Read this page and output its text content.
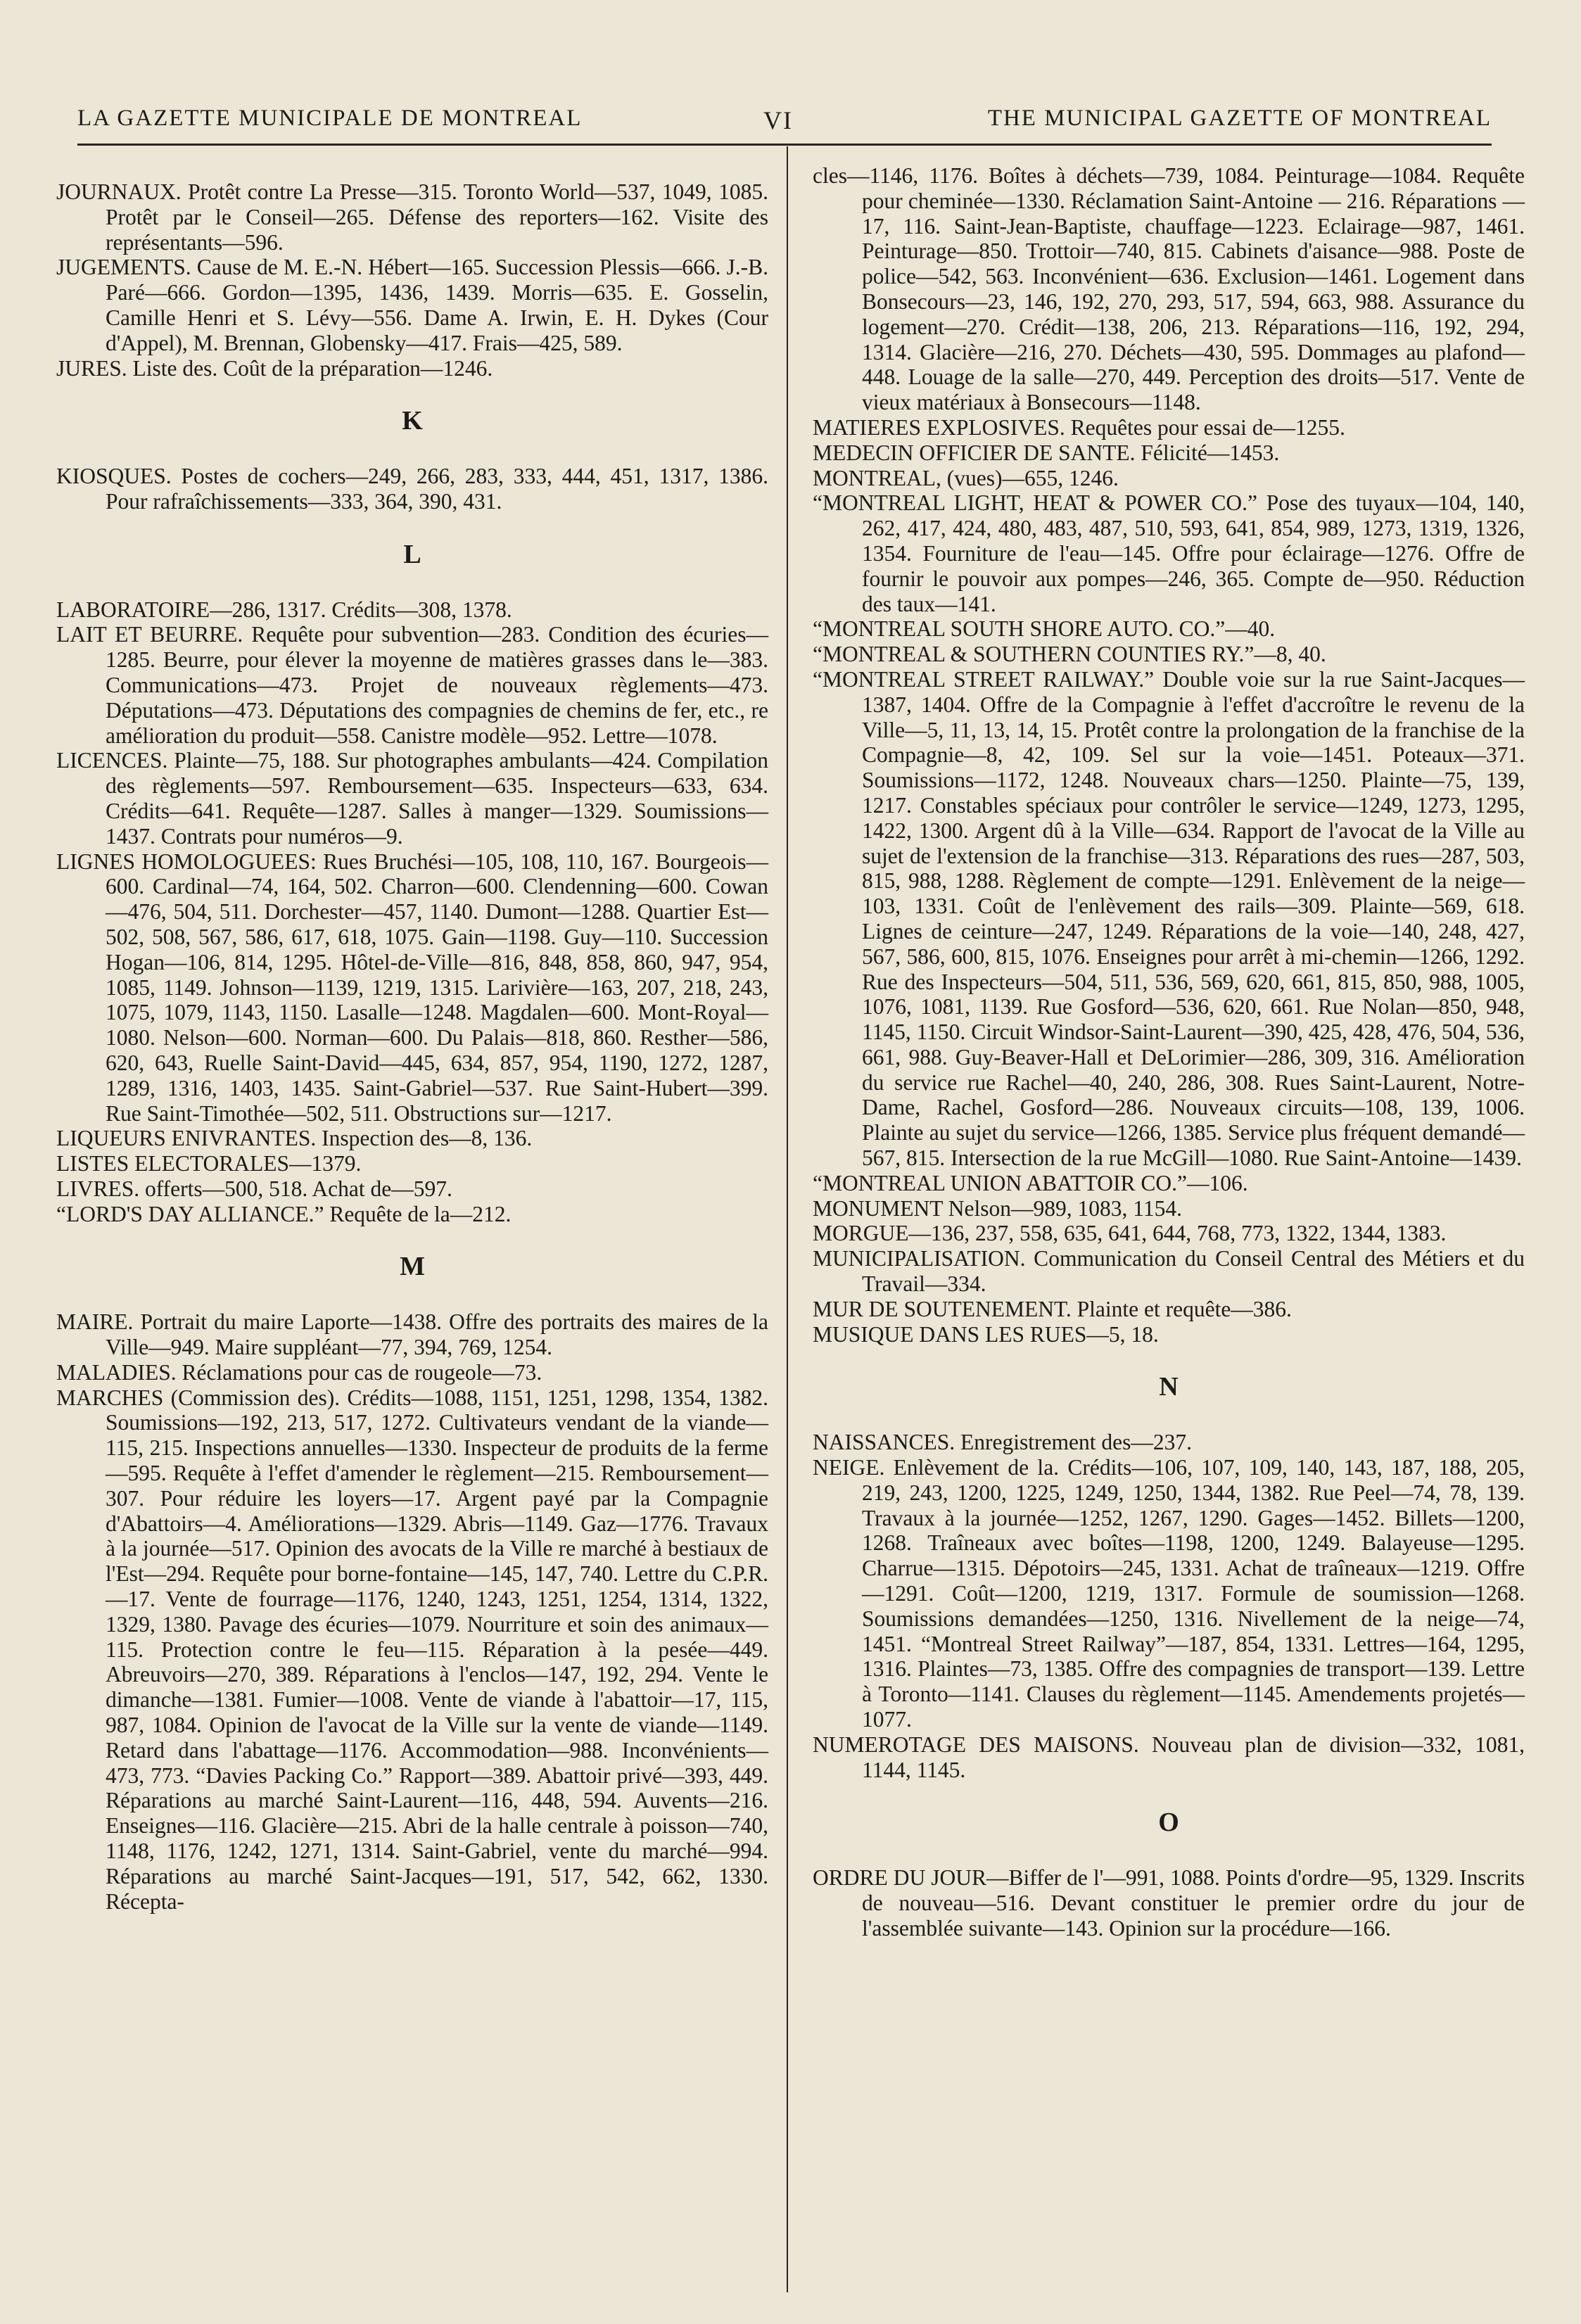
LA GAZETTE MUNICIPALE DE MONTREAL	VI	THE MUNICIPAL GAZETTE OF MONTREAL

JOURNAUX. Protêt contre La Presse—315. Toronto World—537, 1049, 1085. Protêt par le Conseil—265. Défense des reporters—162. Visite des représentants—596.

JUGEMENTS. Cause de M. E.-N. Hébert—165. Succession Plessis—666. J.-B. Paré—666. Gordon—1395, 1436, 1439. Morris—635. E. Gosselin, Camille Henri et S. Lévy—556. Dame A. Irwin, E. H. Dykes (Cour d'Appel), M. Brennan, Globensky—417. Frais—425, 589.

JURES. Liste des. Coût de la préparation—1246.

K

KIOSQUES. Postes de cochers—249, 266, 283, 333, 444, 451, 1317, 1386. Pour rafraîchissements—333, 364, 390, 431.

L

LABORATOIRE—286, 1317. Crédits—308, 1378.

LAIT ET BEURRE. Requête pour subvention—283. Condition des écuries—1285. Beurre, pour élever la moyenne de matières grasses dans le—383. Communications—473. Projet de nouveaux règlements—473. Députations—473. Députations des compagnies de chemins de fer, etc., re amélioration du produit—558. Canistre modèle—952. Lettre—1078.

LICENCES. Plainte—75, 188. Sur photographes ambulants—424. Compilation des règlements—597. Remboursement—635. Inspecteurs—633, 634. Crédits—641. Requête—1287. Salles à manger—1329. Soumissions—1437. Contrats pour numéros—9.

LIGNES HOMOLOGUEES: Rues Bruchési—105, 108, 110, 167. Bourgeois—600. Cardinal—74, 164, 502. Charron—600. Clendenning—600. Cowan—476, 504, 511. Dorchester—457, 1140. Dumont—1288. Quartier Est—502, 508, 567, 586, 617, 618, 1075. Gain—1198. Guy—110. Succession Hogan—106, 814, 1295. Hôtel-de-Ville—816, 848, 858, 860, 947, 954, 1085, 1149. Johnson—1139, 1219, 1315. Larivière—163, 207, 218, 243, 1075, 1079, 1143, 1150. Lasalle—1248. Magdalen—600. Mont-Royal—1080. Nelson—600. Norman—600. Du Palais—818, 860. Resther—586, 620, 643, Ruelle Saint-David—445, 634, 857, 954, 1190, 1272, 1287, 1289, 1316, 1403, 1435. Saint-Gabriel—537. Rue Saint-Hubert—399. Rue Saint-Timothée—502, 511. Obstructions sur—1217.

LIQUEURS ENIVRANTES. Inspection des—8, 136.

LISTES ELECTORALES—1379.

LIVRES. offerts—500, 518. Achat de—597.

“LORD'S DAY ALLIANCE.” Requête de la—212.

M

MAIRE. Portrait du maire Laporte—1438. Offre des portraits des maires de la Ville—949. Maire suppléant—77, 394, 769, 1254.

MALADIES. Réclamations pour cas de rougeole—73.

MARCHES (Commission des). Crédits—1088, 1151, 1251, 1298, 1354, 1382. Soumissions—192, 213, 517, 1272. Cultivateurs vendant de la viande—115, 215. Inspections annuelles—1330. Inspecteur de produits de la ferme—595. Requête à l'effet d'amender le règlement—215. Remboursement—307. Pour réduire les loyers—17. Argent payé par la Compagnie d'Abattoirs—4. Améliorations—1329. Abris—1149. Gaz—1776. Travaux à la journée—517. Opinion des avocats de la Ville re marché à bestiaux de l'Est—294. Requête pour borne-fontaine—145, 147, 740. Lettre du C.P.R.—17. Vente de fourrage—1176, 1240, 1243, 1251, 1254, 1314, 1322, 1329, 1380. Pavage des écuries—1079. Nourriture et soin des animaux—115. Protection contre le feu—115. Réparation à la pesée—449. Abreuvoirs—270, 389. Réparations à l'enclos—147, 192, 294. Vente le dimanche—1381. Fumier—1008. Vente de viande à l'abattoir—17, 115, 987, 1084. Opinion de l'avocat de la Ville sur la vente de viande—1149. Retard dans l'abattage—1176. Accommodation—988. Inconvénients—473, 773. “Davies Packing Co.” Rapport—389. Abattoir privé—393, 449. Réparations au marché Saint-Laurent—116, 448, 594. Auvents—216. Enseignes—116. Glacière—215. Abri de la halle centrale à poisson—740, 1148, 1176, 1242, 1271, 1314. Saint-Gabriel, vente du marché—994. Réparations au marché Saint-Jacques—191, 517, 542, 662, 1330. Récepta-

cles—1146, 1176. Boîtes à déchets—739, 1084. Peinturage—1084. Requête pour cheminée—1330. Réclamation Saint-Antoine — 216. Réparations — 17, 116. Saint-Jean-Baptiste, chauffage—1223. Eclairage—987, 1461. Peinturage—850. Trottoir—740, 815. Cabinets d'aisance—988. Poste de police—542, 563. Inconvénient—636. Exclusion—1461. Logement dans Bonsecours—23, 146, 192, 270, 293, 517, 594, 663, 988. Assurance du logement—270. Crédit—138, 206, 213. Réparations—116, 192, 294, 1314. Glacière—216, 270. Déchets—430, 595. Dommages au plafond—448. Louage de la salle—270, 449. Perception des droits—517. Vente de vieux matériaux à Bonsecours—1148.

MATIERES EXPLOSIVES. Requêtes pour essai de—1255.

MEDECIN OFFICIER DE SANTE. Félicité—1453.

MONTREAL, (vues)—655, 1246.

“MONTREAL LIGHT, HEAT & POWER CO.” Pose des tuyaux—104, 140, 262, 417, 424, 480, 483, 487, 510, 593, 641, 854, 989, 1273, 1319, 1326, 1354. Fourniture de l'eau—145. Offre pour éclairage—1276. Offre de fournir le pouvoir aux pompes—246, 365. Compte de—950. Réduction des taux—141.

“MONTREAL SOUTH SHORE AUTO. CO.”—40.

“MONTREAL & SOUTHERN COUNTIES RY.”—8, 40.

“MONTREAL STREET RAILWAY.” Double voie sur la rue Saint-Jacques—1387, 1404. Offre de la Compagnie à l'effet d'accroître le revenu de la Ville—5, 11, 13, 14, 15. Protêt contre la prolongation de la franchise de la Compagnie—8, 42, 109. Sel sur la voie—1451. Poteaux—371. Soumissions—1172, 1248. Nouveaux chars—1250. Plainte—75, 139, 1217. Constables spéciaux pour contrôler le service—1249, 1273, 1295, 1422, 1300. Argent dû à la Ville—634. Rapport de l'avocat de la Ville au sujet de l'extension de la franchise—313. Réparations des rues—287, 503, 815, 988, 1288. Règlement de compte—1291. Enlèvement de la neige—103, 1331. Coût de l'enlèvement des rails—309. Plainte—569, 618. Lignes de ceinture—247, 1249. Réparations de la voie—140, 248, 427, 567, 586, 600, 815, 1076. Enseignes pour arrêt à mi-chemin—1266, 1292. Rue des Inspecteurs—504, 511, 536, 569, 620, 661, 815, 850, 988, 1005, 1076, 1081, 1139. Rue Gosford—536, 620, 661. Rue Nolan—850, 948, 1145, 1150. Circuit Windsor-Saint-Laurent—390, 425, 428, 476, 504, 536, 661, 988. Guy-Beaver-Hall et DeLorimier—286, 309, 316. Amélioration du service rue Rachel—40, 240, 286, 308. Rues Saint-Laurent, Notre-Dame, Rachel, Gosford—286. Nouveaux circuits—108, 139, 1006. Plainte au sujet du service—1266, 1385. Service plus fréquent demandé—567, 815. Intersection de la rue McGill—1080. Rue Saint-Antoine—1439.

“MONTREAL UNION ABATTOIR CO.”—106.

MONUMENT Nelson—989, 1083, 1154.

MORGUE—136, 237, 558, 635, 641, 644, 768, 773, 1322, 1344, 1383.

MUNICIPALISATION. Communication du Conseil Central des Métiers et du Travail—334.

MUR DE SOUTENEMENT. Plainte et requête—386.

MUSIQUE DANS LES RUES—5, 18.

N

NAISSANCES. Enregistrement des—237.

NEIGE. Enlèvement de la. Crédits—106, 107, 109, 140, 143, 187, 188, 205, 219, 243, 1200, 1225, 1249, 1250, 1344, 1382. Rue Peel—74, 78, 139. Travaux à la journée—1252, 1267, 1290. Gages—1452. Billets—1200, 1268. Traîneaux avec boîtes—1198, 1200, 1249. Balayeuse—1295. Charrue—1315. Dépotoirs—245, 1331. Achat de traîneaux—1219. Offre—1291. Coût—1200, 1219, 1317. Formule de soumission—1268. Soumissions demandées—1250, 1316. Nivellement de la neige—74, 1451. “Montreal Street Railway”—187, 854, 1331. Lettres—164, 1295, 1316. Plaintes—73, 1385. Offre des compagnies de transport—139. Lettre à Toronto—1141. Clauses du règlement—1145. Amendements projetés—1077.

NUMEROTAGE DES MAISONS. Nouveau plan de division—332, 1081, 1144, 1145.

O

ORDRE DU JOUR—Biffer de l'—991, 1088. Points d'ordre—95, 1329. Inscrits de nouveau—516. Devant constituer le premier ordre du jour de l'assemblée suivante—143. Opinion sur la procédure—166.
